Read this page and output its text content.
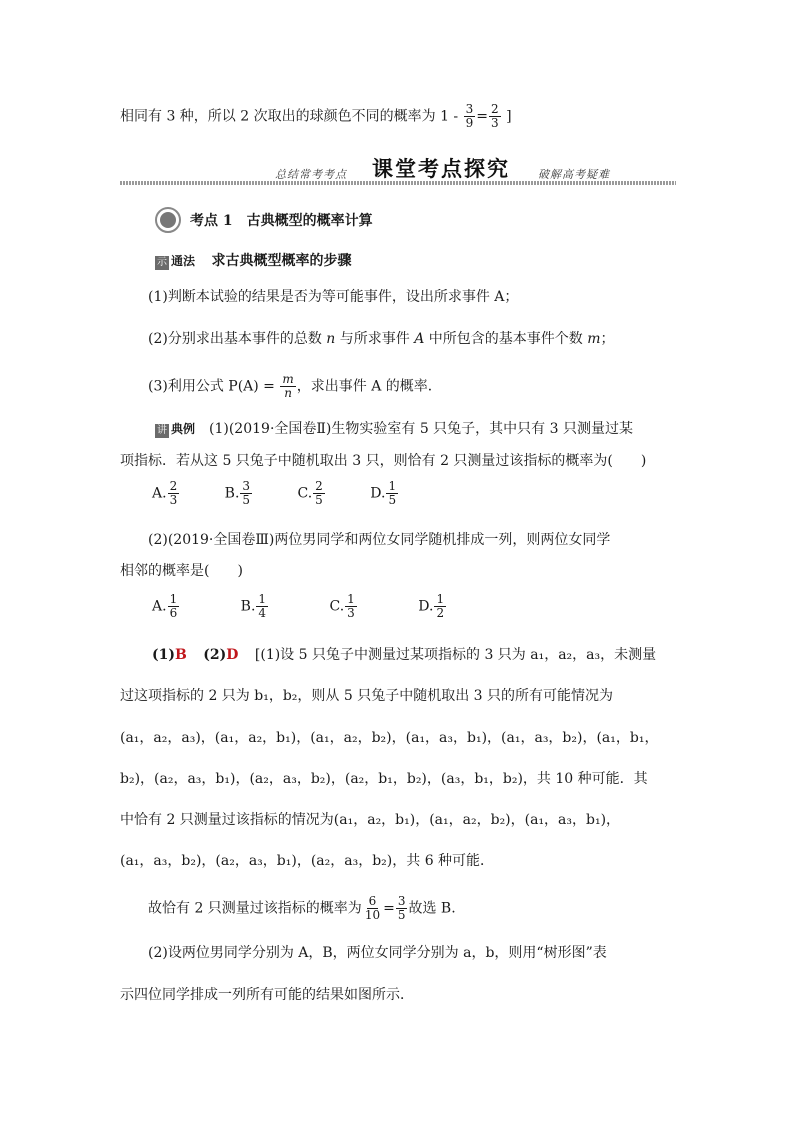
相同有 3 种，所以 2 次取出的球颜色不同的概率为 $1 - \frac{3}{9} = \frac{2}{3}$ ]
总结常考考点 课堂考点探究	破解高考疑难
考点 1　古典概型的概率计算
示 通法 求古典概型概率的步骤
(1)判断本试验的结果是否为等可能事件，设出所求事件 A；
(2)分别求出基本事件的总数 n 与所求事件 A 中所包含的基本事件个数 m；
(3)利用公式 $P(A) = \frac{m}{n}$ ，求出事件 A 的概率．
讲 典例 (1)(2019·全国卷Ⅱ)生物实验室有 5 只兔子，其中只有 3 只测量过某
项指标．若从这 5 只兔子中随机取出 3 只，则恰有 2 只测量过该指标的概率为(　　)
A. $\frac{2}{3}$	B. $\frac{3}{5}$	C. $\frac{2}{5}$	D. $\frac{1}{5}$
(2)(2019·全国卷Ⅲ)两位男同学和两位女同学随机排成一列，则两位女同学
相邻的概率是(　　)
A. $\frac{1}{6}$	B. $\frac{1}{4}$	C. $\frac{1}{3}$	D. $\frac{1}{2}$
(1)B (2)D [(1)设 5 只兔子中测量过某项指标的 3 只为 a₁，a₂，a₃，未测量
过这项指标的 2 只为 b₁，b₂，则从 5 只兔子中随机取出 3 只的所有可能情况为
(a₁，a₂，a₃)，(a₁，a₂，b₁)，(a₁，a₂，b₂)，(a₁，a₃，b₁)，(a₁，a₃，b₂)，(a₁，b₁，
b₂)，(a₂，a₃，b₁)，(a₂，a₃，b₂)，(a₂，b₁，b₂)，(a₃，b₁，b₂)，共 10 种可能．其
中恰有 2 只测量过该指标的情况为(a₁，a₂，b₁)，(a₁，a₂，b₂)，(a₁，a₃，b₁)，
(a₁，a₃，b₂)，(a₂，a₃，b₁)，(a₂，a₃，b₂)，共 6 种可能．
故恰有 2 只测量过该指标的概率为 $\frac{6}{10} = \frac{3}{5}$ 故选 B.
(2)设两位男同学分别为 A，B，两位女同学分别为 a，b，则用“树形图”表
示四位同学排成一列所有可能的结果如图所示．
